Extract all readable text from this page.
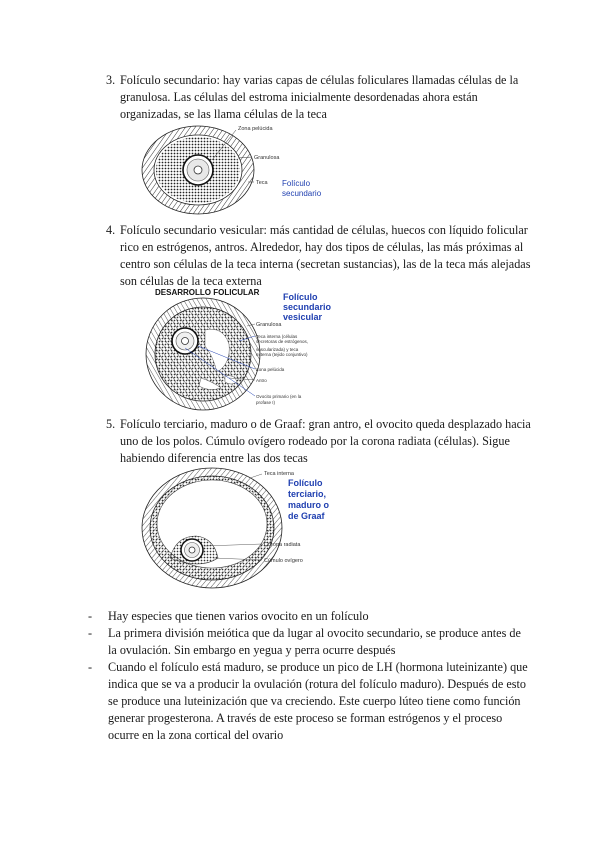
3. Folículo secundario: hay varias capas de células foliculares llamadas células de la granulosa. Las células del estroma inicialmente desordenadas ahora están organizadas, se las llama células de la teca

Zona pelúcida
Granulosa
Teca Folículo
secundario
4. Folículo secundario vesicular: más cantidad de células, huecos con líquido folicular rico en estrógenos, antros. Alrededor, hay dos tipos de células, las más próximas al centro son células de la teca interna (secretan sustancias), las de la teca más alejadas son células de la teca externa

DESARROLLO FOLICULAR
Granulosa
Teca interna (células
secretoras de estrógenos,
vascularizada) y teca
externa (tejido conjuntivo)
Zona pelúcida
Antro
Ovocito primario (en la
profase I)
Folículo
secundario
vesicular
5. Folículo terciario, maduro o de Graaf: gran antro, el ovocito queda desplazado hacia uno de los polos. Cúmulo ovígero rodeado por la corona radiata (células). Sigue habiendo diferencia entre las dos tecas

Teca interna
Corona radiata
Cúmulo ovígero
Folículo
terciario,
maduro o
de Graaf
- Hay especies que tienen varios ovocito en un folículo
- La primera división meiótica que da lugar al ovocito secundario, se produce antes de la ovulación. Sin embargo en yegua y perra ocurre después
- Cuando el folículo está maduro, se produce un pico de LH (hormona luteinizante) que indica que se va a producir la ovulación (rotura del folículo maduro). Después de esto se produce una luteinización que va creciendo. Este cuerpo lúteo tiene como función generar progesterona. A través de este proceso se forman estrógenos y el proceso ocurre en la zona cortical del ovario
